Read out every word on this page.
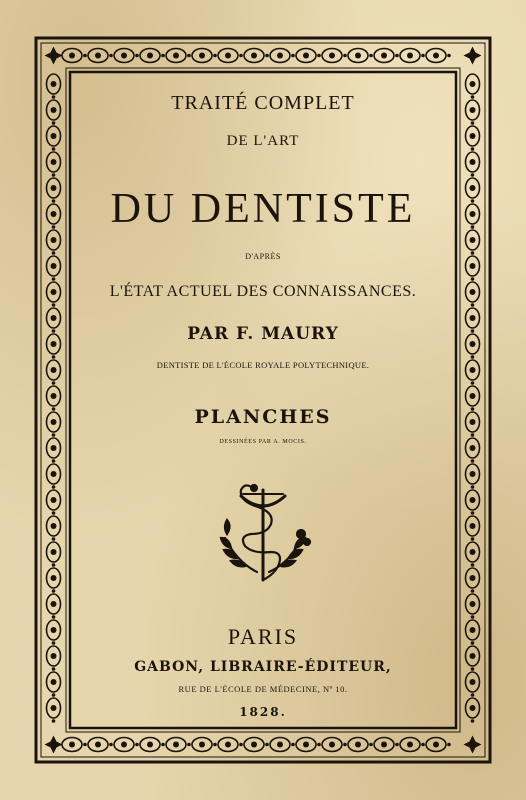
TRAITÉ COMPLET
DE L'ART
DU DENTISTE
D'APRÈS
L'ÉTAT ACTUEL DES CONNAISSANCES.
PAR F. MAURY
DENTISTE DE L'ÉCOLE ROYALE POLYTECHNIQUE.
PLANCHES
DESSINÉES PAR A. MOCIS.
PARIS
GABON, LIBRAIRE-ÉDITEUR,
RUE DE L'ÉCOLE DE MÉDECINE, Nº 10.
1828.
